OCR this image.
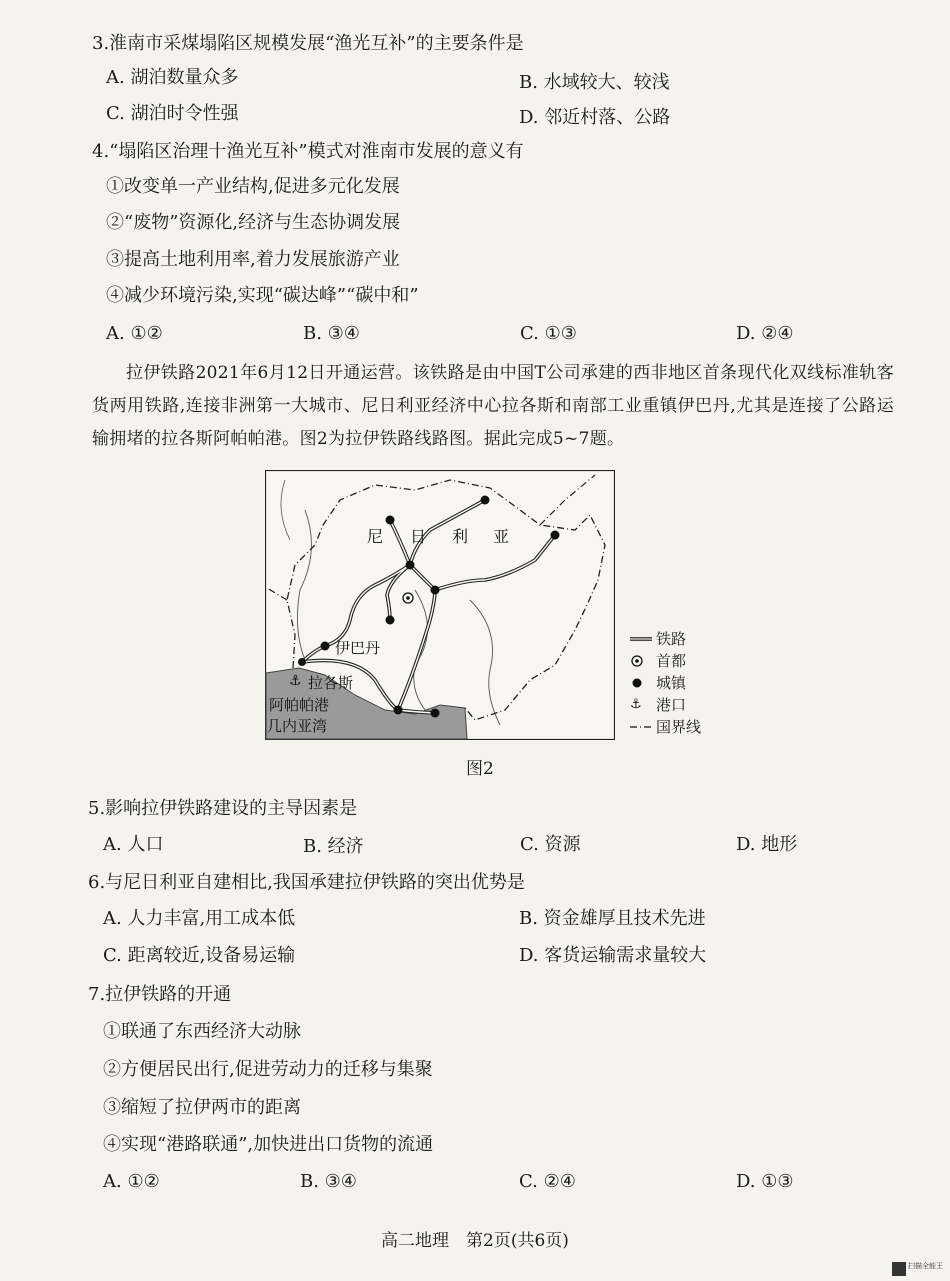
3.淮南市采煤塌陷区规模发展“渔光互补”的主要条件是
A. 湖泊数量众多	B. 水域较大、较浅
C. 湖泊时令性强	D. 邻近村落、公路
4.“塌陷区治理十渔光互补”模式对淮南市发展的意义有
①改变单一产业结构,促进多元化发展
②“废物”资源化,经济与生态协调发展
③提高土地利用率,着力发展旅游产业
④减少环境污染,实现“碳达峰”“碳中和”
A. ①②	B. ③④	C. ①③	D. ②④
拉伊铁路2021年6月12日开通运营。该铁路是由中国T公司承建的西非地区首条现代化双线标准轨客货两用铁路,连接非洲第一大城市、尼日利亚经济中心拉各斯和南部工业重镇伊巴丹,尤其是连接了公路运输拥堵的拉各斯阿帕帕港。图2为拉伊铁路线路图。据此完成5~7题。
⚓
尼 日 利 亚
伊巴丹
拉各斯
阿帕帕港
几内亚湾
铁路
首都
城镇
⚓ 港口
国界线
图2
5.影响拉伊铁路建设的主导因素是
A. 人口	B. 经济	C. 资源	D. 地形
6.与尼日利亚自建相比,我国承建拉伊铁路的突出优势是
A. 人力丰富,用工成本低	B. 资金雄厚且技术先进
C. 距离较近,设备易运输	D. 客货运输需求量较大
7.拉伊铁路的开通
①联通了东西经济大动脉
②方便居民出行,促进劳动力的迁移与集聚
③缩短了拉伊两市的距离
④实现“港路联通”,加快进出口货物的流通
A. ①②	B. ③④	C. ②④	D. ①③
高二地理　第2页(共6页)
扫描全能王
